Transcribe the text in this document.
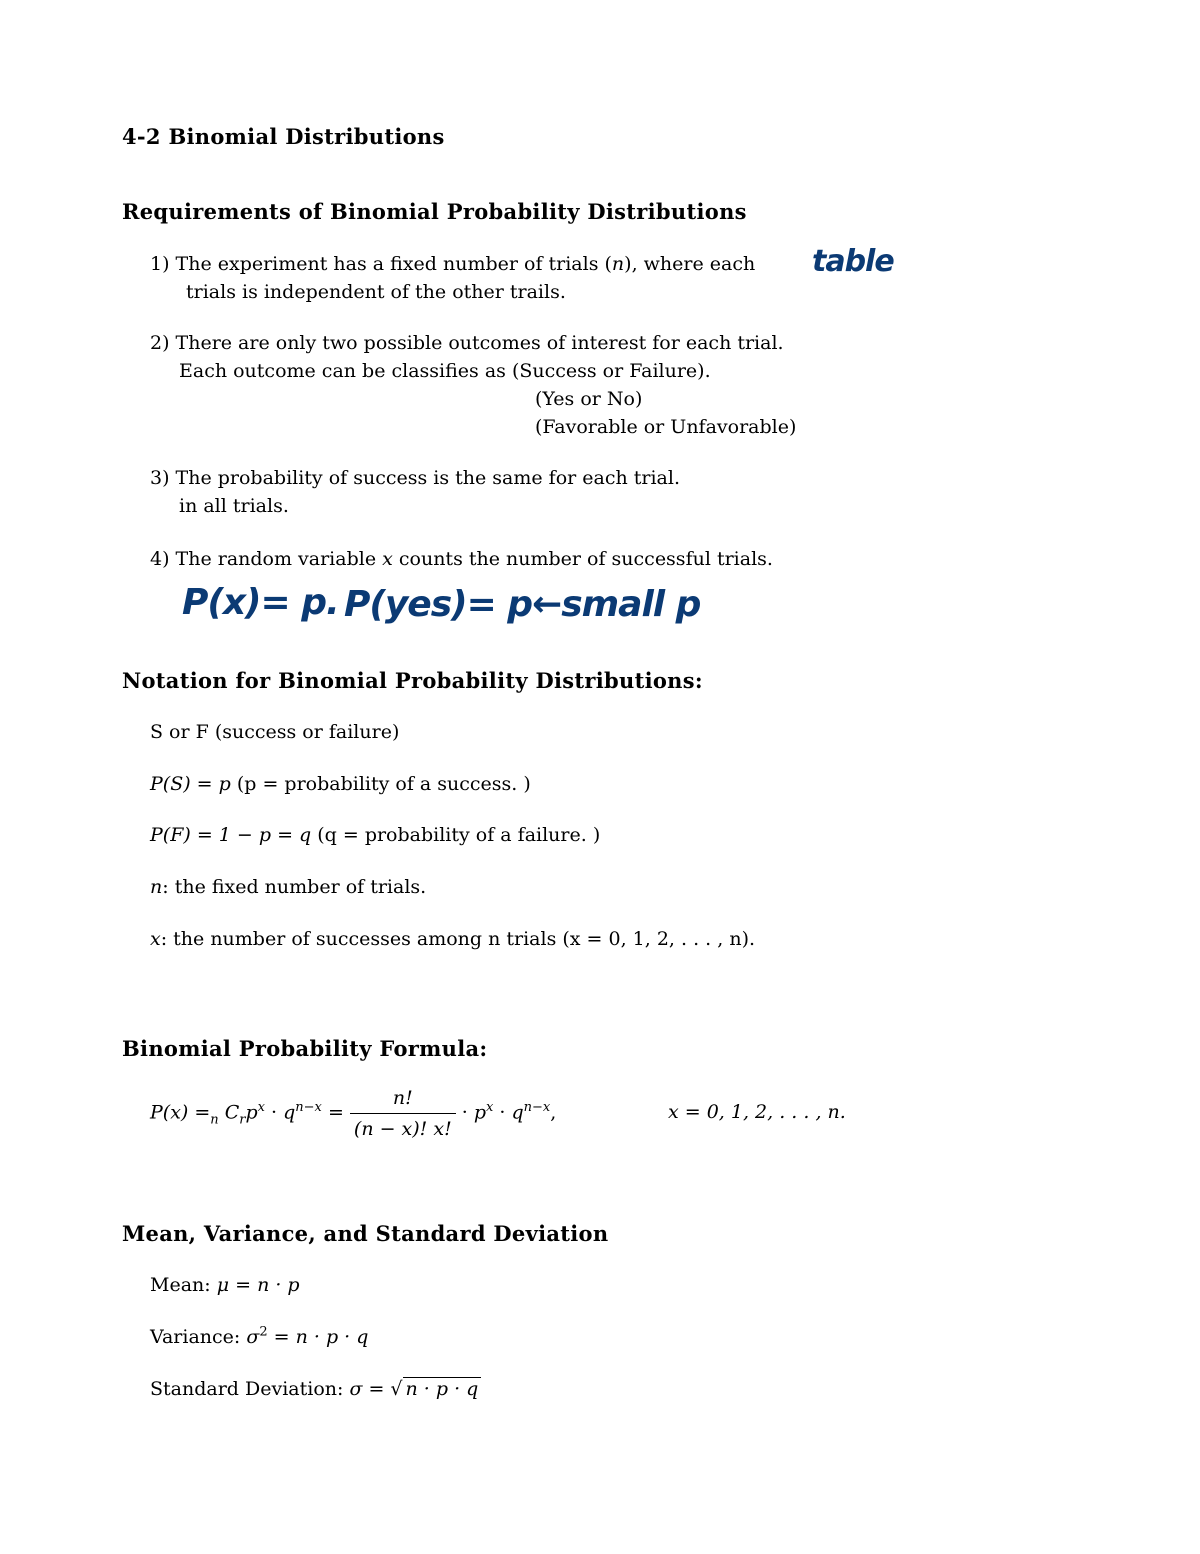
4-2 Binomial Distributions
Requirements of Binomial Probability Distributions
1) The experiment has a fixed number of trials (n), where each table
trials is independent of the other trails.
2) There are only two possible outcomes of interest for each trial.
Each outcome can be classifies as (Success or Failure).
(Yes or No)
(Favorable or Unfavorable)
3) The probability of success is the same for each trial.
in all trials.
4) The random variable x counts the number of successful trials.
P(x)= p. P(yes)= p←small p
Notation for Binomial Probability Distributions:
S or F (success or failure)
P(S) = p (p = probability of a success. )
P(F) = 1 − p = q (q = probability of a failure. )
n: the fixed number of trials.
x: the number of successes among n trials (x = 0, 1, 2, . . . , n).
Binomial Probability Formula:
$P(x) =_n$ $C_rp^x \cdot q^{n-x} = \frac{n!}{(n - x)! x!} \cdot p^x \cdot q^{n-x}$,	x = 0, 1, 2, . . . , n.
Mean, Variance, and Standard Deviation
Mean: μ = n · p
Variance: $\sigma^2 = n \cdot p \cdot q$
Standard Deviation: σ = √ n · p · q
